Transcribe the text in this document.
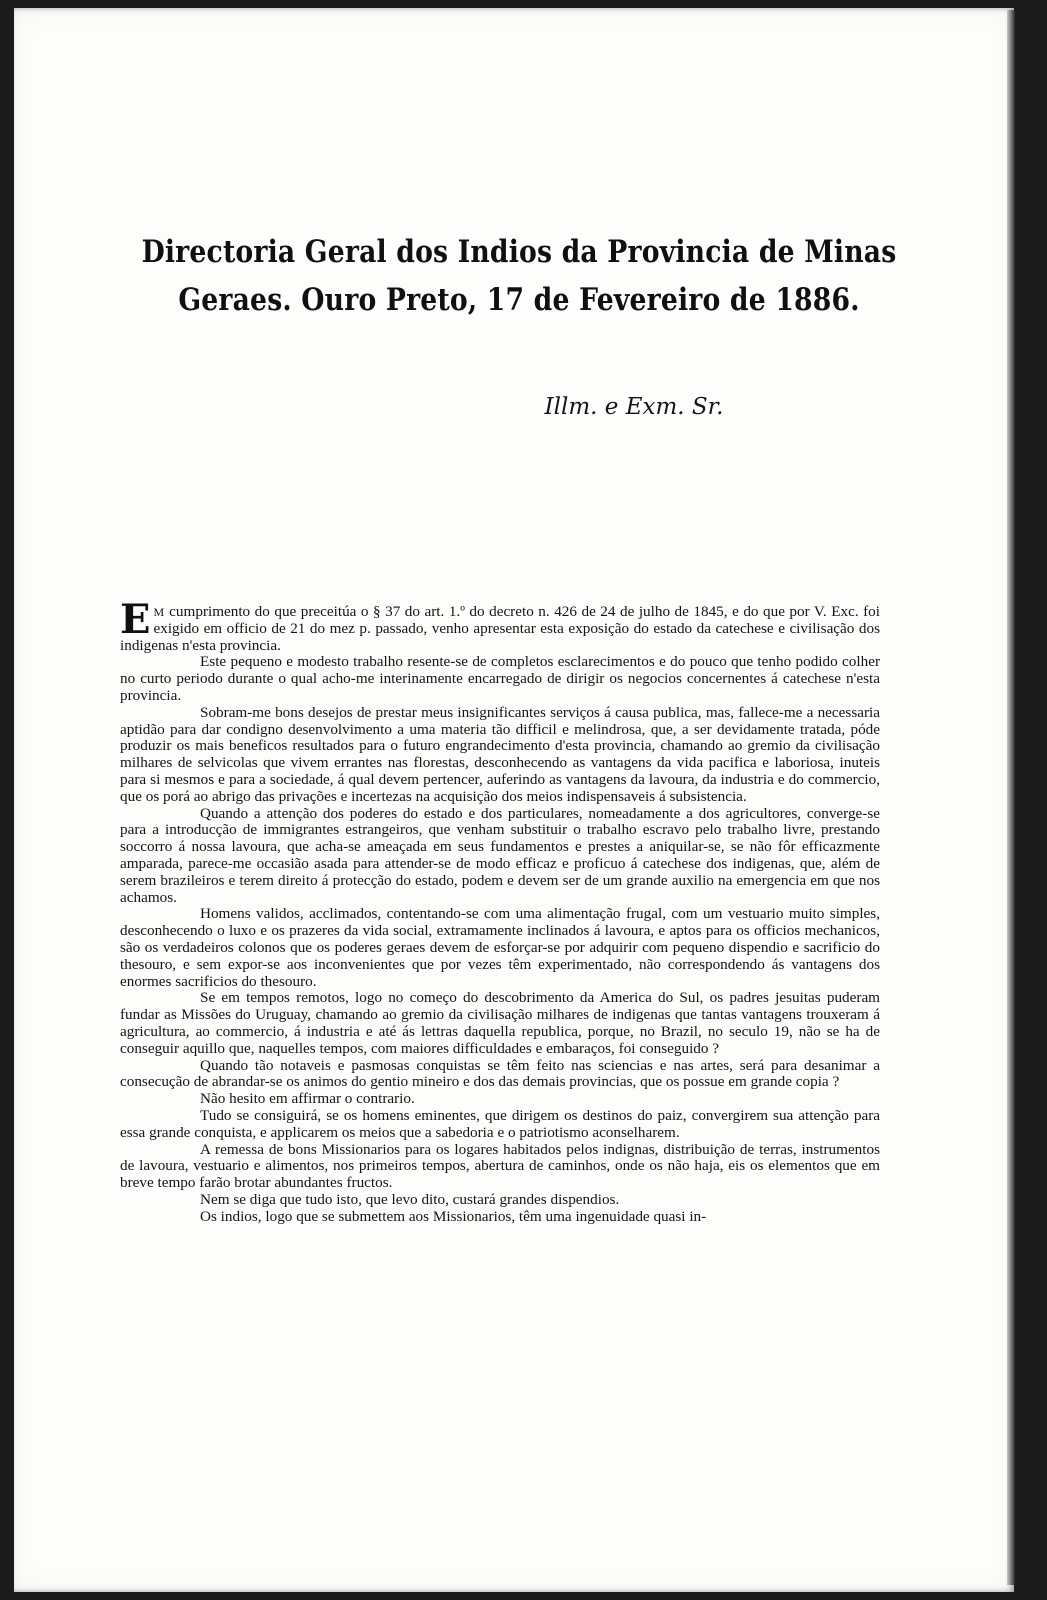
Directoria Geral dos Indios da Provincia de Minas Geraes. Ouro Preto, 17 de Fevereiro de 1886.
Illm. e Exm. Sr.

E M cumprimento do que preceitúa o § 37 do art. 1.º do decreto n. 426 de 24 de julho de 1845, e do que por V. Exc. foi exigido em officio de 21 do mez p. passado, venho apresentar esta exposição do estado da catechese e civilisação dos indigenas n'esta provincia.

Este pequeno e modesto trabalho resente-se de completos esclarecimentos e do pouco que tenho podido colher no curto periodo durante o qual acho-me interinamente encarregado de dirigir os negocios concernentes á catechese n'esta provincia.

Sobram-me bons desejos de prestar meus insignificantes serviços á causa publica, mas, fallece-me a necessaria aptidão para dar condigno desenvolvimento a uma materia tão difficil e melindrosa, que, a ser devidamente tratada, póde produzir os mais beneficos resultados para o futuro engrandecimento d'esta provincia, chamando ao gremio da civilisação milhares de selvicolas que vivem errantes nas florestas, desconhecendo as vantagens da vida pacifica e laboriosa, inuteis para si mesmos e para a sociedade, á qual devem pertencer, auferindo as vantagens da lavoura, da industria e do commercio, que os porá ao abrigo das privações e incertezas na acquisição dos meios indispensaveis á subsistencia.

Quando a attenção dos poderes do estado e dos particulares, nomeadamente a dos agricultores, converge-se para a introducção de immigrantes estrangeiros, que venham substituir o trabalho escravo pelo trabalho livre, prestando soccorro á nossa lavoura, que acha-se ameaçada em seus fundamentos e prestes a aniquilar-se, se não fôr efficazmente amparada, parece-me occasião asada para attender-se de modo efficaz e proficuo á catechese dos indigenas, que, além de serem brazileiros e terem direito á protecção do estado, podem e devem ser de um grande auxilio na emergencia em que nos achamos.

Homens validos, acclimados, contentando-se com uma alimentação frugal, com um vestuario muito simples, desconhecendo o luxo e os prazeres da vida social, extramamente inclinados á lavoura, e aptos para os officios mechanicos, são os verdadeiros colonos que os poderes geraes devem de esforçar-se por adquirir com pequeno dispendio e sacrificio do thesouro, e sem expor-se aos inconvenientes que por vezes têm experimentado, não correspondendo ás vantagens dos enormes sacrificios do thesouro.

Se em tempos remotos, logo no começo do descobrimento da America do Sul, os padres jesuitas puderam fundar as Missões do Uruguay, chamando ao gremio da civilisação milhares de indigenas que tantas vantagens trouxeram á agricultura, ao commercio, á industria e até ás lettras daquella republica, porque, no Brazil, no seculo 19, não se ha de conseguir aquillo que, naquelles tempos, com maiores difficuldades e embaraços, foi conseguido ?

Quando tão notaveis e pasmosas conquistas se têm feito nas sciencias e nas artes, será para desanimar a consecução de abrandar-se os animos do gentio mineiro e dos das demais provincias, que os possue em grande copia ?

Não hesito em affirmar o contrario.

Tudo se consiguirá, se os homens eminentes, que dirigem os destinos do paiz, convergirem sua attenção para essa grande conquista, e applicarem os meios que a sabedoria e o patriotismo aconselharem.

A remessa de bons Missionarios para os logares habitados pelos indignas, distribuição de terras, instrumentos de lavoura, vestuario e alimentos, nos primeiros tempos, abertura de caminhos, onde os não haja, eis os elementos que em breve tempo farão brotar abundantes fructos.

Nem se diga que tudo isto, que levo dito, custará grandes dispendios.

Os indios, logo que se submettem aos Missionarios, têm uma ingenuidade quasi in-
